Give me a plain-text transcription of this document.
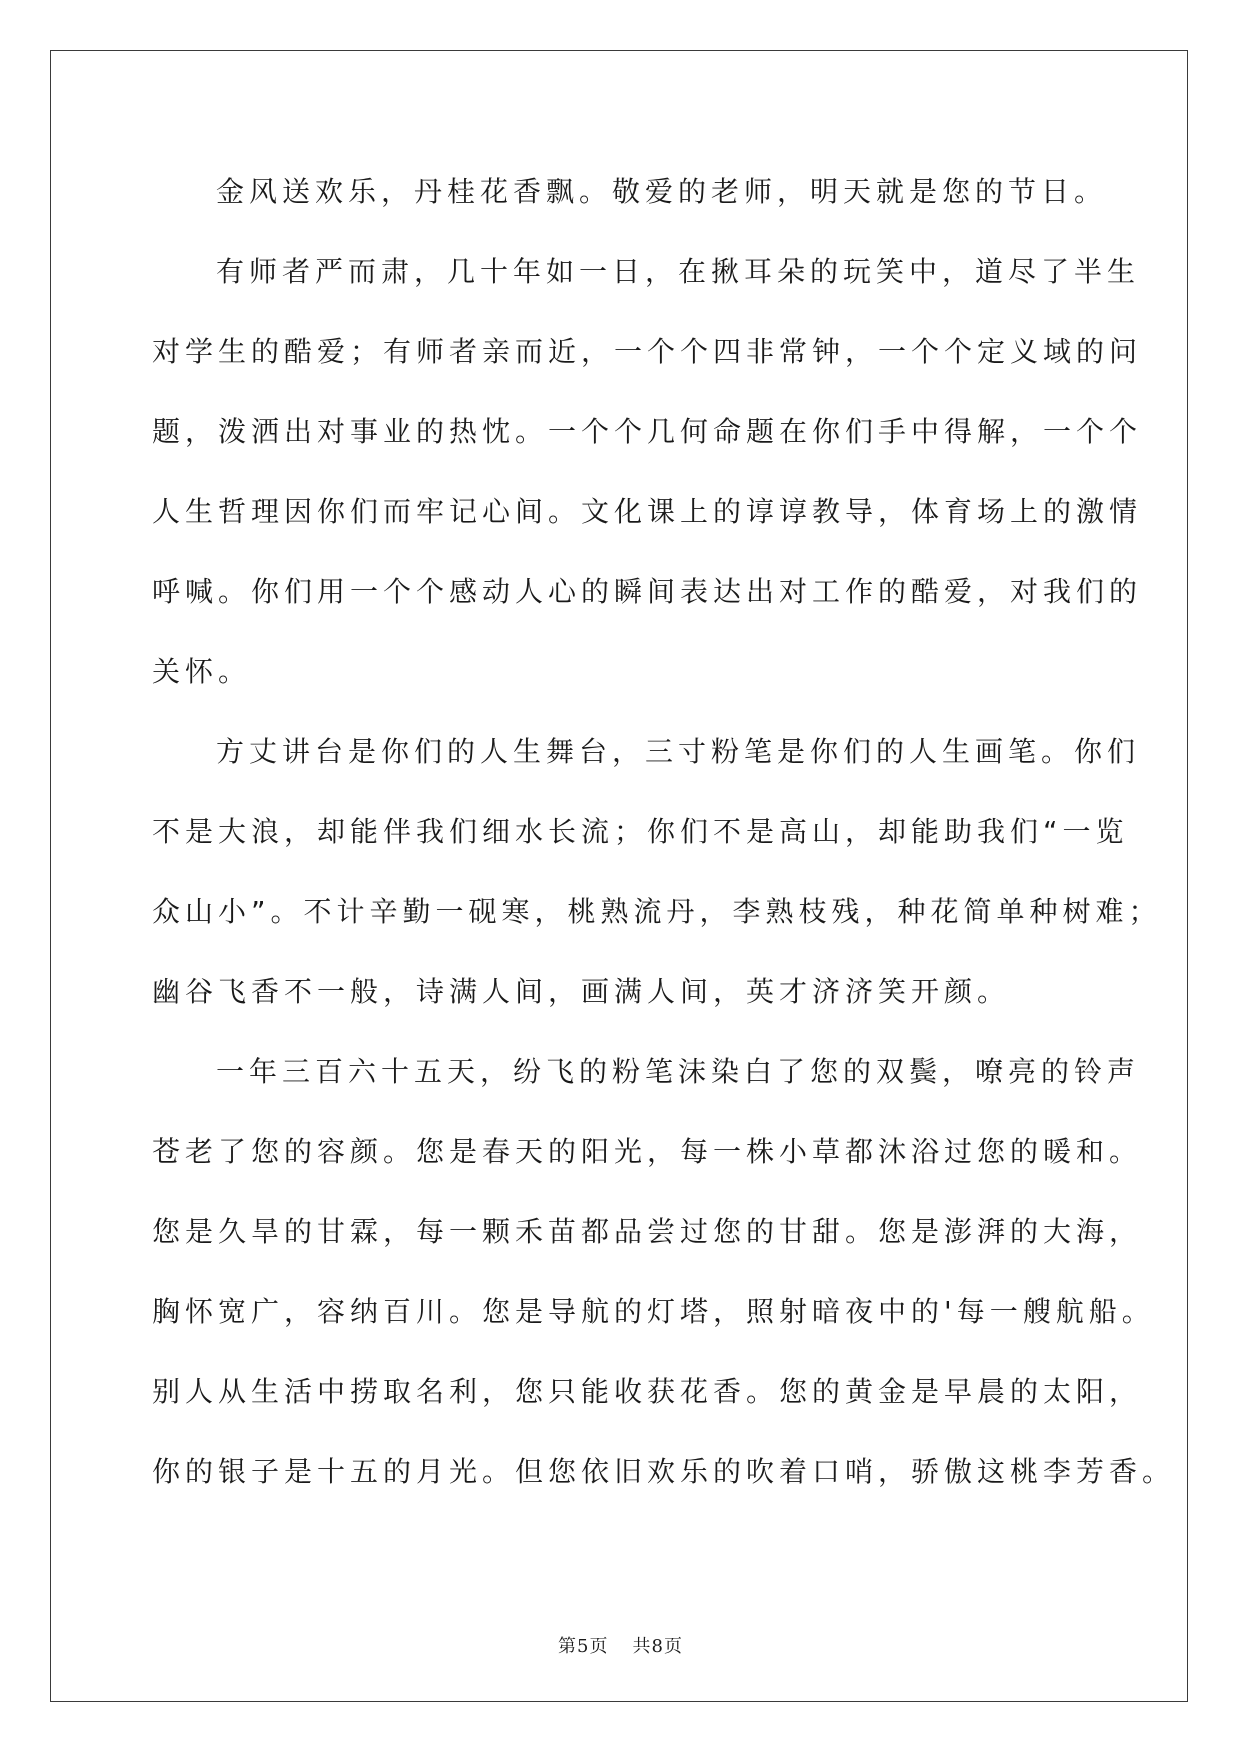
金风送欢乐，丹桂花香飘。敬爱的老师，明天就是您的节日。

有师者严而肃，几十年如一日，在揪耳朵的玩笑中，道尽了半生
对学生的酷爱；有师者亲而近，一个个四非常钟，一个个定义域的问
题，泼洒出对事业的热忱。一个个几何命题在你们手中得解，一个个
人生哲理因你们而牢记心间。文化课上的谆谆教导，体育场上的激情
呼喊。你们用一个个感动人心的瞬间表达出对工作的酷爱，对我们的
关怀。

方丈讲台是你们的人生舞台，三寸粉笔是你们的人生画笔。你们
不是大浪，却能伴我们细水长流；你们不是高山，却能助我们“一览
众山小”。不计辛勤一砚寒，桃熟流丹，李熟枝残，种花简单种树难；
幽谷飞香不一般，诗满人间，画满人间，英才济济笑开颜。

一年三百六十五天，纷飞的粉笔沫染白了您的双鬓，嘹亮的铃声
苍老了您的容颜。您是春天的阳光，每一株小草都沐浴过您的暖和。
您是久旱的甘霖，每一颗禾苗都品尝过您的甘甜。您是澎湃的大海，
胸怀宽广，容纳百川。您是导航的灯塔，照射暗夜中的'每一艘航船。
别人从生活中捞取名利，您只能收获花香。您的黄金是早晨的太阳，
你的银子是十五的月光。但您依旧欢乐的吹着口哨，骄傲这桃李芳香。

第5页 共8页
